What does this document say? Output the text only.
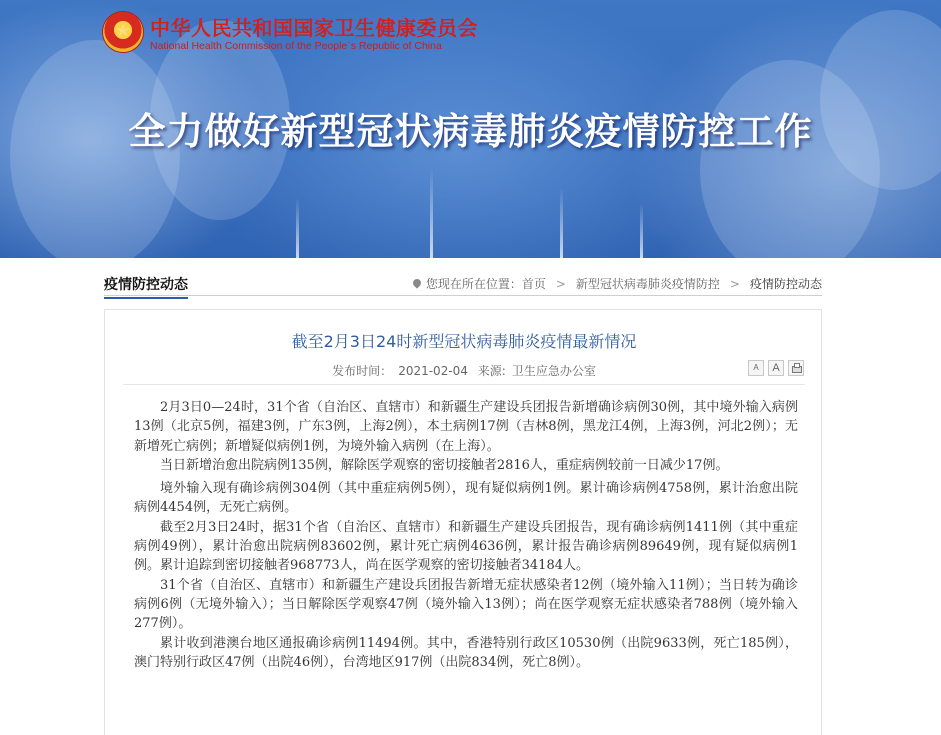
★ 中华人民共和国国家卫生健康委员会
National Health Commission of the People`s Republic of China
全力做好新型冠状病毒肺炎疫情防控工作
疫情防控动态	您现在所在位置： 首页 > 新型冠状病毒肺炎疫情防控 > 疫情防控动态
截至2月3日24时新型冠状病毒肺炎疫情最新情况
发布时间： 2021-02-04 来源: 卫生应急办公室	A	A

2月3日0—24时，31个省（自治区、直辖市）和新疆生产建设兵团报告新增确诊病例30例，其中境外输入病例13例（北京5例，福建3例，广东3例，上海2例），本土病例17例（吉林8例，黑龙江4例，上海3例，河北2例）；无新增死亡病例；新增疑似病例1例，为境外输入病例（在上海）。

当日新增治愈出院病例135例，解除医学观察的密切接触者2816人，重症病例较前一日减少17例。

境外输入现有确诊病例304例（其中重症病例5例），现有疑似病例1例。累计确诊病例4758例，累计治愈出院病例4454例，无死亡病例。

截至2月3日24时，据31个省（自治区、直辖市）和新疆生产建设兵团报告，现有确诊病例1411例（其中重症病例49例），累计治愈出院病例83602例，累计死亡病例4636例，累计报告确诊病例89649例，现有疑似病例1例。累计追踪到密切接触者968773人，尚在医学观察的密切接触者34184人。

31个省（自治区、直辖市）和新疆生产建设兵团报告新增无症状感染者12例（境外输入11例）；当日转为确诊病例6例（无境外输入）；当日解除医学观察47例（境外输入13例）；尚在医学观察无症状感染者788例（境外输入277例）。

累计收到港澳台地区通报确诊病例11494例。其中，香港特别行政区10530例（出院9633例，死亡185例），澳门特别行政区47例（出院46例），台湾地区917例（出院834例，死亡8例）。
